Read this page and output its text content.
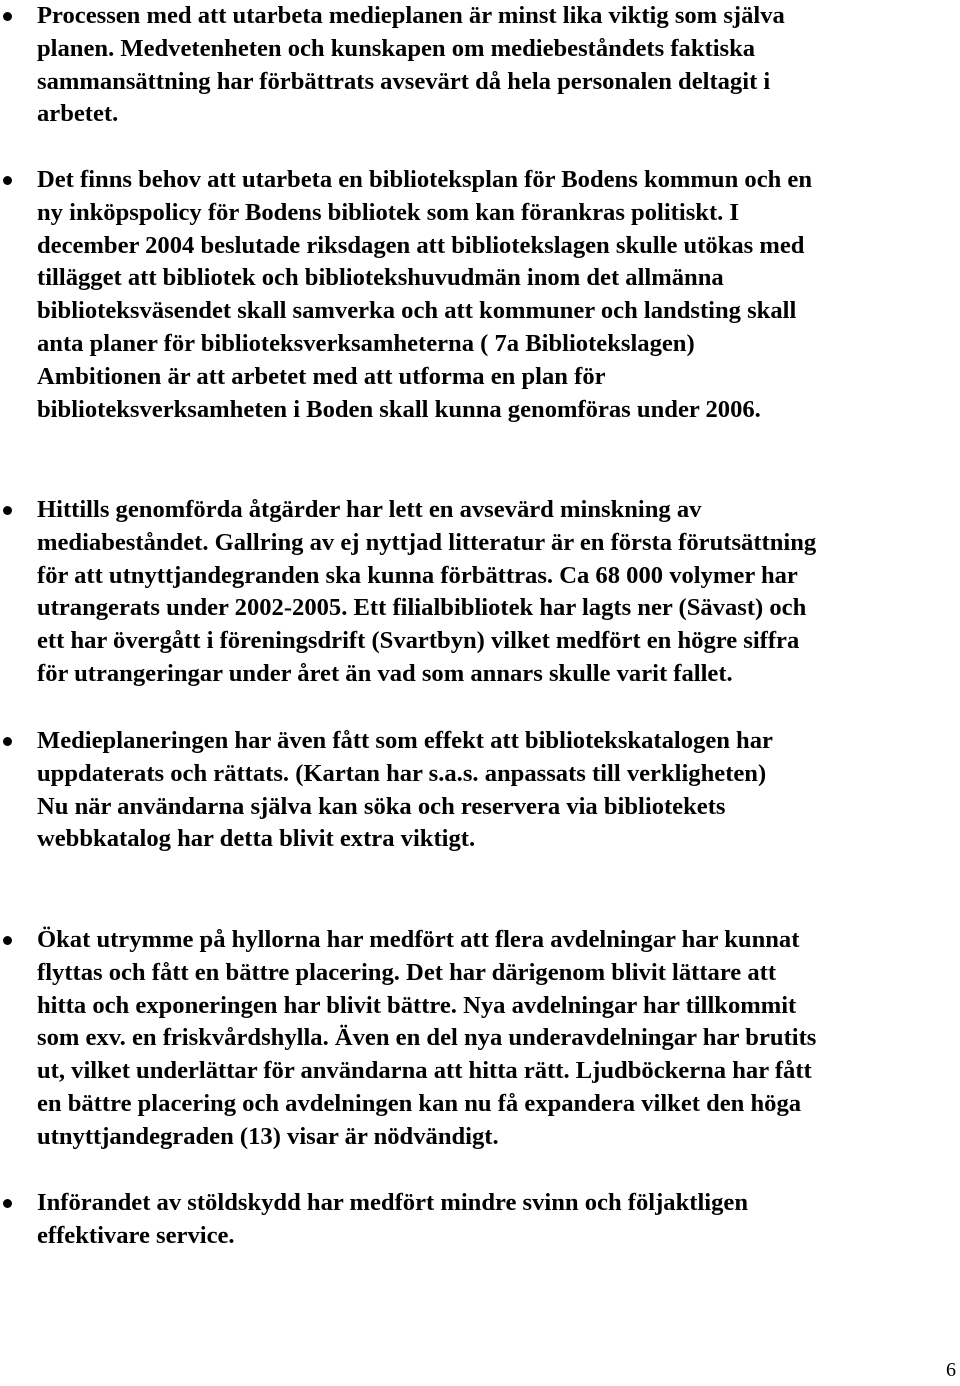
Processen med att utarbeta medieplanen är minst lika viktig som själva
planen. Medvetenheten och kunskapen om mediebeståndets faktiska
sammansättning har förbättrats avsevärt då hela personalen deltagit i
arbetet.
Det finns behov att utarbeta en biblioteksplan för Bodens kommun och en
ny inköpspolicy för Bodens bibliotek som kan förankras politiskt. I
december 2004 beslutade riksdagen att bibliotekslagen skulle utökas med
tillägget att bibliotek och bibliotekshuvudmän inom det allmänna
biblioteksväsendet skall samverka och att kommuner och landsting skall
anta planer för biblioteksverksamheterna ( 7a Bibliotekslagen)
Ambitionen är att arbetet med att utforma en plan för
biblioteksverksamheten i Boden skall kunna genomföras under 2006.
Hittills genomförda åtgärder har lett en avsevärd minskning av
mediabeståndet. Gallring av ej nyttjad litteratur är en första förutsättning
för att utnyttjandegranden ska kunna förbättras. Ca 68 000 volymer har
utrangerats under 2002-2005. Ett filialbibliotek har lagts ner (Sävast) och
ett har övergått i föreningsdrift (Svartbyn) vilket medfört en högre siffra
för utrangeringar under året än vad som annars skulle varit fallet.
Medieplaneringen har även fått som effekt att bibliotekskatalogen har
uppdaterats och rättats. (Kartan har s.a.s. anpassats till verkligheten)
Nu när användarna själva kan söka och reservera via bibliotekets
webbkatalog har detta blivit extra viktigt.
Ökat utrymme på hyllorna har medfört att flera avdelningar har kunnat
flyttas och fått en bättre placering. Det har därigenom blivit lättare att
hitta och exponeringen har blivit bättre. Nya avdelningar har tillkommit
som exv. en friskvårdshylla. Även en del nya underavdelningar har brutits
ut, vilket underlättar för användarna att hitta rätt. Ljudböckerna har fått
en bättre placering och avdelningen kan nu få expandera vilket den höga
utnyttjandegraden (13) visar är nödvändigt.
Införandet av stöldskydd har medfört mindre svinn och följaktligen
effektivare service.
6
